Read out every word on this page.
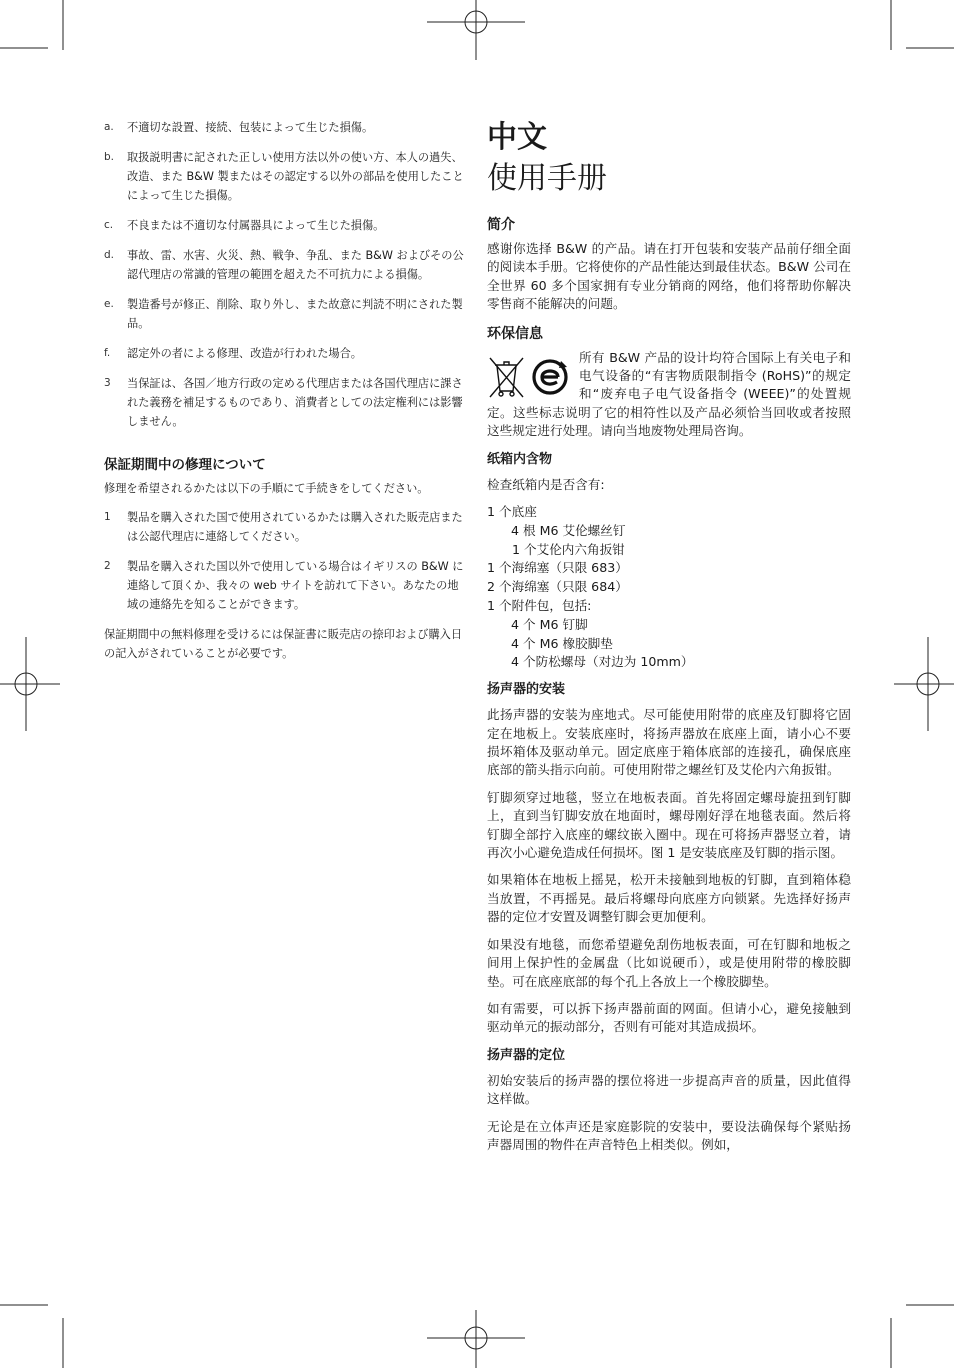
a. 不適切な設置、接続、包装によって生じた損傷。
b. 取扱説明書に記された正しい使用方法以外の使い方、本人の過失、改造、また B&W 製またはその認定する以外の部品を使用したことによって生じた損傷。
c. 不良または不適切な付属器具によって生じた損傷。
d. 事故、雷、水害、火災、熱、戦争、争乱、また B&W およびその公認代理店の常識的管理の範囲を超えた不可抗力による損傷。
e. 製造番号が修正、削除、取り外し、また故意に判読不明にされた製品。
f. 認定外の者による修理、改造が行われた場合。
3 当保証は、各国／地方行政の定める代理店または各国代理店に課された義務を補足するものであり、消費者としての法定権利には影響しません。
保証期間中の修理について
修理を希望されるかたは以下の手順にて手続きをしてください。
1 製品を購入された国で使用されているかたは購入された販売店または公認代理店に連絡してください。
2 製品を購入された国以外で使用している場合はイギリスの B&W に連絡して頂くか、我々の web サイトを訪れて下さい。あなたの地域の連絡先を知ることができます。
保証期間中の無料修理を受けるには保証書に販売店の捺印および購入日の記入がされていることが必要です。
中文
使用手册
简介
感谢你选择 B&W 的产品。请在打开包装和安装产品前仔细全面的阅读本手册。它将使你的产品性能达到最佳状态。B&W 公司在全世界 60 多个国家拥有专业分销商的网络，他们将帮助你解决零售商不能解决的问题。
环保信息
所有 B&W 产品的设计均符合国际上有关电子和电气设备的“有害物质限制指令 (RoHS)”的规定和“废弃电子电气设备指令 (WEEE)”的处置规定。这些标志说明了它的相符性以及产品必须恰当回收或者按照这些规定进行处理。请向当地废物处理局咨询。
纸箱内含物
检查纸箱内是否含有:
1 个底座
4 根 M6 艾伦螺丝钉
1 个艾伦内六角扳钳
1 个海绵塞（只限 683）
2 个海绵塞（只限 684）
1 个附件包，包括:
4 个 M6 钉脚
4 个 M6 橡胶脚垫
4 个防松螺母（对边为 10mm）
扬声器的安装
此扬声器的安装为座地式。尽可能使用附带的底座及钉脚将它固定在地板上。安装底座时，将扬声器放在底座上面，请小心不要损坏箱体及驱动单元。固定底座于箱体底部的连接孔，确保底座底部的箭头指示向前。可使用附带之螺丝钉及艾伦内六角扳钳。
钉脚须穿过地毯，竖立在地板表面。首先将固定螺母旋扭到钉脚上，直到当钉脚安放在地面时，螺母刚好浮在地毯表面。然后将钉脚全部拧入底座的螺纹嵌入圈中。现在可将扬声器竖立着，请再次小心避免造成任何损坏。图 1 是安装底座及钉脚的指示图。
如果箱体在地板上摇晃，松开未接触到地板的钉脚，直到箱体稳当放置，不再摇晃。最后将螺母向底座方向锁紧。先选择好扬声器的定位才安置及调整钉脚会更加便利。
如果没有地毯，而您希望避免刮伤地板表面，可在钉脚和地板之间用上保护性的金属盘（比如说硬币），或是使用附带的橡胶脚垫。可在底座底部的每个孔上各放上一个橡胶脚垫。
如有需要，可以拆下扬声器前面的网面。但请小心，避免接触到驱动单元的振动部分，否则有可能对其造成损坏。
扬声器的定位
初始安装后的扬声器的摆位将进一步提高声音的质量，因此值得这样做。
无论是在立体声还是家庭影院的安装中，要设法确保每个紧贴扬声器周围的物件在声音特色上相类似。例如，
